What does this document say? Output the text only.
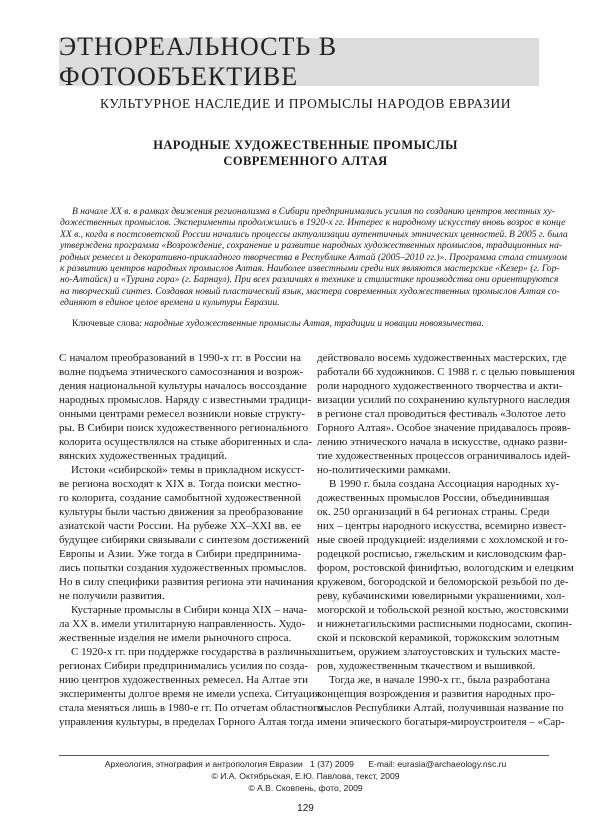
ЭТНОРЕАЛЬНОСТЬ В ФОТООБЪЕКТИВЕ
КУЛЬТУРНОЕ НАСЛЕДИЕ И ПРОМЫСЛЫ НАРОДОВ ЕВРАЗИИ
НАРОДНЫЕ ХУДОЖЕСТВЕННЫЕ ПРОМЫСЛЫ
СОВРЕМЕННОГО АЛТАЯ
В начале XX в. в рамках движения регионализма в Сибири предпринимались усилия по созданию центров местных ху-
дожественных промыслов. Эксперименты продолжились в 1920-х гг. Интерес к народному искусству вновь возрос в конце
XX в., когда в постсоветской России начались процессы актуализации аутентичных этнических ценностей. В 2005 г. была
утверждена программа «Возрождение, сохранение и развитие народных художественных промыслов, традиционных на-
родных ремесел и декоративно-прикладного творчества в Республике Алтай (2005–2010 гг.)». Программа стала стимулом
к развитию центров народных промыслов Алтая. Наиболее известными среди них являются мастерские «Кезер» (г. Гор-
но-Алтайск) и «Турина гора» (г. Барнаул). При всех различиях в технике и стилистике производства они ориентируются
на творческий синтез. Создавая новый пластический язык, мастера современных художественных промыслов Алтая со-
единяют в единое целое времена и культуры Евразии.
Ключевые слова: народные художественные промыслы Алтая, традиции и новации новоязычества.
С началом преобразований в 1990-х гг. в России на
волне подъема этнического самосознания и возрож-
дения национальной культуры началось воссоздание
народных промыслов. Наряду с известными традици-
онными центрами ремесел возникли новые структу-
ры. В Сибири поиск художественного регионального
колорита осуществлялся на стыке аборигенных и сла-
вянских художественных традиций.
Истоки «сибирской» темы в прикладном искусст-
ве региона восходят к XIX в. Тогда поиски местно-
го колорита, создание самобытной художественной
культуры были частью движения за преобразование
азиатской части России. На рубеже XX–XXI вв. ее
будущее сибиряки связывали с синтезом достижений
Европы и Азии. Уже тогда в Сибири предпринима-
лись попытки создания художественных промыслов.
Но в силу специфики развития региона эти начинания
не получили развития.
Кустарные промыслы в Сибири конца XIX – нача-
ла XX в. имели утилитарную направленность. Худо-
жественные изделия не имели рыночного спроса.
С 1920-х гг. при поддержке государства в различных
регионах Сибири предпринимались усилия по созда-
нию центров художественных ремесел. На Алтае эти
эксперименты долгое время не имели успеха. Ситуация
стала меняться лишь в 1980-е гг. По отчетам областного
управления культуры, в пределах Горного Алтая тогда
действовало восемь художественных мастерских, где
работали 66 художников. С 1988 г. с целью повышения
роли народного художественного творчества и акти-
визации усилий по сохранению культурного наследия
в регионе стал проводиться фестиваль «Золотое лето
Горного Алтая». Особое значение придавалось прояв-
лению этнического начала в искусстве, однако разви-
тие художественных процессов ограничивалось идей-
но-политическими рамками.
В 1990 г. была создана Ассоциация народных ху-
дожественных промыслов России, объединившая
ок. 250 организаций в 64 регионах страны. Среди
них – центры народного искусства, всемирно извест-
ные своей продукцией: изделиями с хохломской и го-
родецкой росписью, гжельским и кисловодским фар-
фором, ростовской финифтью, вологодским и елецким
кружевом, богородской и беломорской резьбой по де-
реву, кубачинскими ювелирными украшениями, хол-
могорской и тобольской резной костью, жостовскими
и нижнетагильскими расписными подносами, скопин-
ской и псковской керамикой, торжокским золотным
шитьем, оружием златоустовских и тульских масте-
ров, художественным ткачеством и вышивкой.
Тогда же, в начале 1990-х гг., была разработана
концепция возрождения и развития народных про-
мыслов Республики Алтай, получившая название по
имени эпического богатыря-мироустроителя – «Сар-
Археология, этнография и антропология Евразии 1 (37) 2009 E-mail: eurasia@archaeology.nsc.ru
© И.А. Октябрьская, Е.Ю. Павлова, текст, 2009
© А.В. Сковпень, фото, 2009
129
